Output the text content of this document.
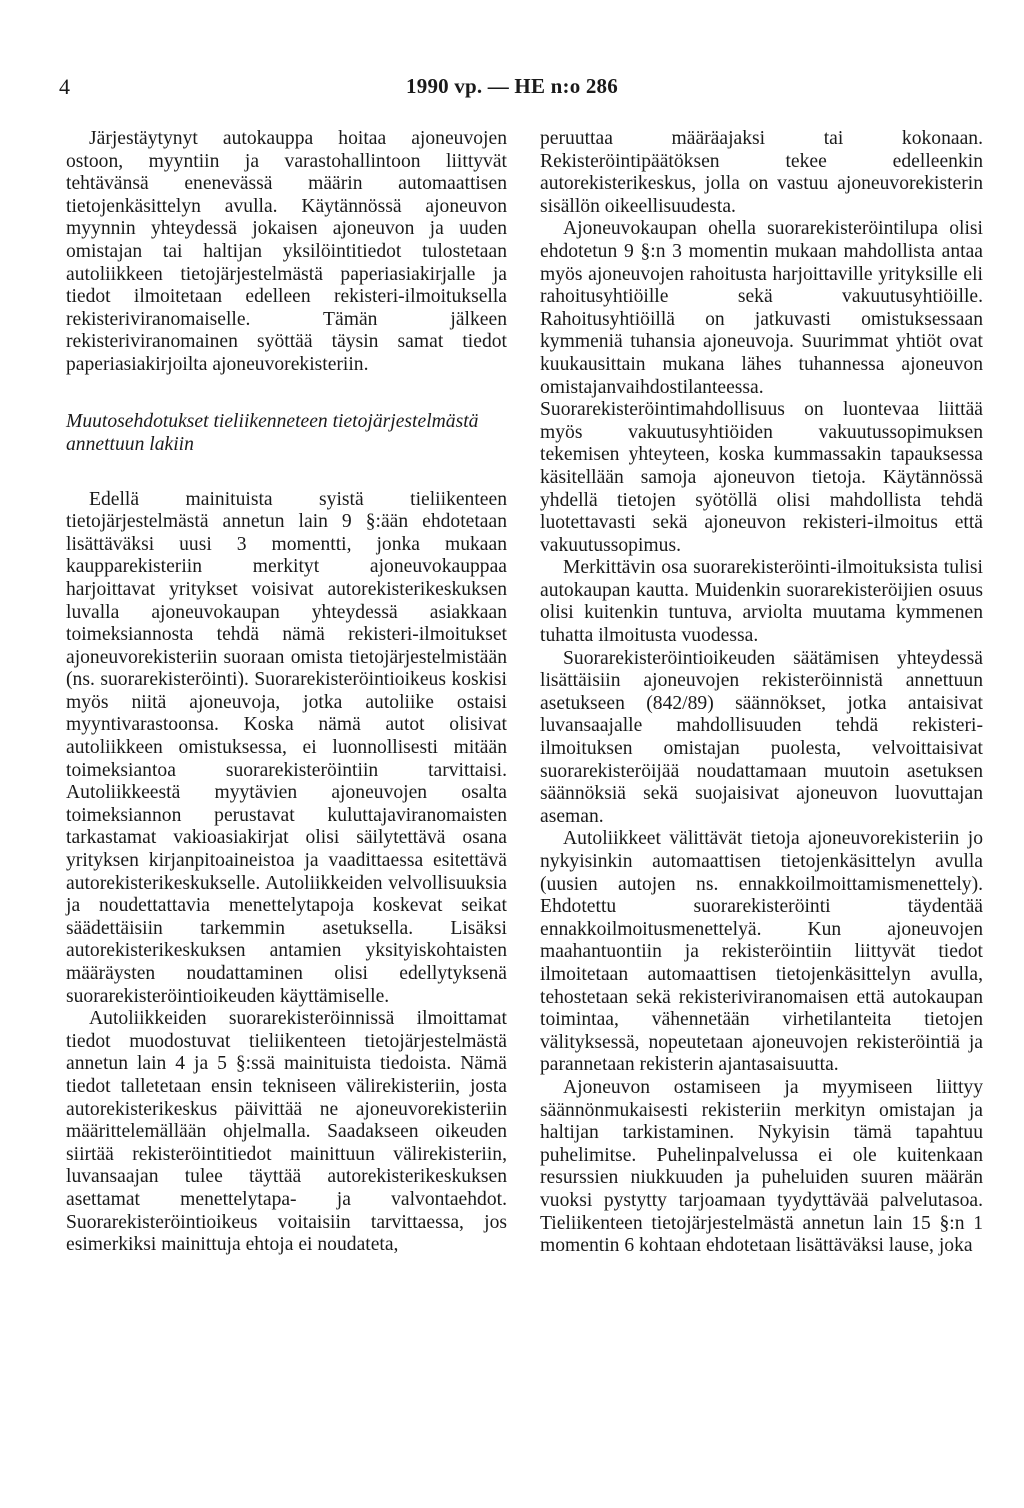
4	1990 vp. — HE n:o 286

Järjestäytynyt autokauppa hoitaa ajoneuvojen ostoon, myyntiin ja varastohallintoon liittyvät tehtävänsä enenevässä määrin automaattisen tietojenkäsittelyn avulla. Käytännössä ajoneuvon myynnin yhteydessä jokaisen ajoneuvon ja uuden omistajan tai haltijan yksilöintitiedot tulostetaan autoliikkeen tietojärjestelmästä paperiasiakirjalle ja tiedot ilmoitetaan edelleen rekisteri-ilmoituksella rekisteriviranomaiselle. Tämän jälkeen rekisteriviranomainen syöttää täysin samat tiedot paperiasiakirjoilta ajoneuvorekisteriin.

Muutosehdotukset tieliikenneteen tietojärjestelmästä annettuun lakiin

Edellä mainituista syistä tieliikenteen tietojärjestelmästä annetun lain 9 §:ään ehdotetaan lisättäväksi uusi 3 momentti, jonka mukaan kaupparekisteriin merkityt ajoneuvokauppaa harjoittavat yritykset voisivat autorekisterikeskuksen luvalla ajoneuvokaupan yhteydessä asiakkaan toimeksiannosta tehdä nämä rekisteri-ilmoitukset ajoneuvorekisteriin suoraan omista tietojärjestelmistään (ns. suorarekisteröinti). Suorarekisteröintioikeus koskisi myös niitä ajoneuvoja, jotka autoliike ostaisi myyntivarastoonsa. Koska nämä autot olisivat autoliikkeen omistuksessa, ei luonnollisesti mitään toimeksiantoa suorarekisteröintiin tarvittaisi. Autoliikkeestä myytävien ajoneuvojen osalta toimeksiannon perustavat kuluttajaviranomaisten tarkastamat vakioasiakirjat olisi säilytettävä osana yrityksen kirjanpitoaineistoa ja vaadittaessa esitettävä autorekisterikeskukselle. Autoliikkeiden velvollisuuksia ja noudettattavia menettelytapoja koskevat seikat säädettäisiin tarkemmin asetuksella. Lisäksi autorekisterikeskuksen antamien yksityiskohtaisten määräysten noudattaminen olisi edellytyksenä suorarekisteröintioikeuden käyttämiselle.

Autoliikkeiden suorarekisteröinnissä ilmoittamat tiedot muodostuvat tieliikenteen tietojärjestelmästä annetun lain 4 ja 5 §:ssä mainituista tiedoista. Nämä tiedot talletetaan ensin tekniseen välirekisteriin, josta autorekisterikeskus päivittää ne ajoneuvorekisteriin määrittelemällään ohjelmalla. Saadakseen oikeuden siirtää rekisteröintitiedot mainittuun välirekisteriin, luvansaajan tulee täyttää autorekisterikeskuksen asettamat menettelytapa- ja valvontaehdot. Suorarekisteröintioikeus voitaisiin tarvittaessa, jos esimerkiksi mainittuja ehtoja ei noudateta,

peruuttaa määräajaksi tai kokonaan. Rekisteröintipäätöksen tekee edelleenkin autorekisterikeskus, jolla on vastuu ajoneuvorekisterin sisällön oikeellisuudesta.

Ajoneuvokaupan ohella suorarekisteröintilupa olisi ehdotetun 9 §:n 3 momentin mukaan mahdollista antaa myös ajoneuvojen rahoitusta harjoittaville yrityksille eli rahoitusyhtiöille sekä vakuutusyhtiöille. Rahoitusyhtiöillä on jatkuvasti omistuksessaan kymmeniä tuhansia ajoneuvoja. Suurimmat yhtiöt ovat kuukausittain mukana lähes tuhannessa ajoneuvon omistajanvaihdostilanteessa. Suorarekisteröintimahdollisuus on luontevaa liittää myös vakuutusyhtiöiden vakuutussopimuksen tekemisen yhteyteen, koska kummassakin tapauksessa käsitellään samoja ajoneuvon tietoja. Käytännössä yhdellä tietojen syötöllä olisi mahdollista tehdä luotettavasti sekä ajoneuvon rekisteri-ilmoitus että vakuutussopimus.

Merkittävin osa suorarekisteröinti-ilmoituksista tulisi autokaupan kautta. Muidenkin suorarekisteröijien osuus olisi kuitenkin tuntuva, arviolta muutama kymmenen tuhatta ilmoitusta vuodessa.

Suorarekisteröintioikeuden säätämisen yhteydessä lisättäisiin ajoneuvojen rekisteröinnistä annettuun asetukseen (842/89) säännökset, jotka antaisivat luvansaajalle mahdollisuuden tehdä rekisteri-ilmoituksen omistajan puolesta, velvoittaisivat suorarekisteröijää noudattamaan muutoin asetuksen säännöksiä sekä suojaisivat ajoneuvon luovuttajan aseman.

Autoliikkeet välittävät tietoja ajoneuvorekisteriin jo nykyisinkin automaattisen tietojenkäsittelyn avulla (uusien autojen ns. ennakkoilmoittamismenettely). Ehdotettu suorarekisteröinti täydentää ennakkoilmoitusmenettelyä. Kun ajoneuvojen maahantuontiin ja rekisteröintiin liittyvät tiedot ilmoitetaan automaattisen tietojenkäsittelyn avulla, tehostetaan sekä rekisteriviranomaisen että autokaupan toimintaa, vähennetään virhetilanteita tietojen välityksessä, nopeutetaan ajoneuvojen rekisteröintiä ja parannetaan rekisterin ajantasaisuutta.

Ajoneuvon ostamiseen ja myymiseen liittyy säännönmukaisesti rekisteriin merkityn omistajan ja haltijan tarkistaminen. Nykyisin tämä tapahtuu puhelimitse. Puhelinpalvelussa ei ole kuitenkaan resurssien niukkuuden ja puheluiden suuren määrän vuoksi pystytty tarjoamaan tyydyttävää palvelutasoa. Tieliikenteen tietojärjestelmästä annetun lain 15 §:n 1 momentin 6 kohtaan ehdotetaan lisättäväksi lause, joka
